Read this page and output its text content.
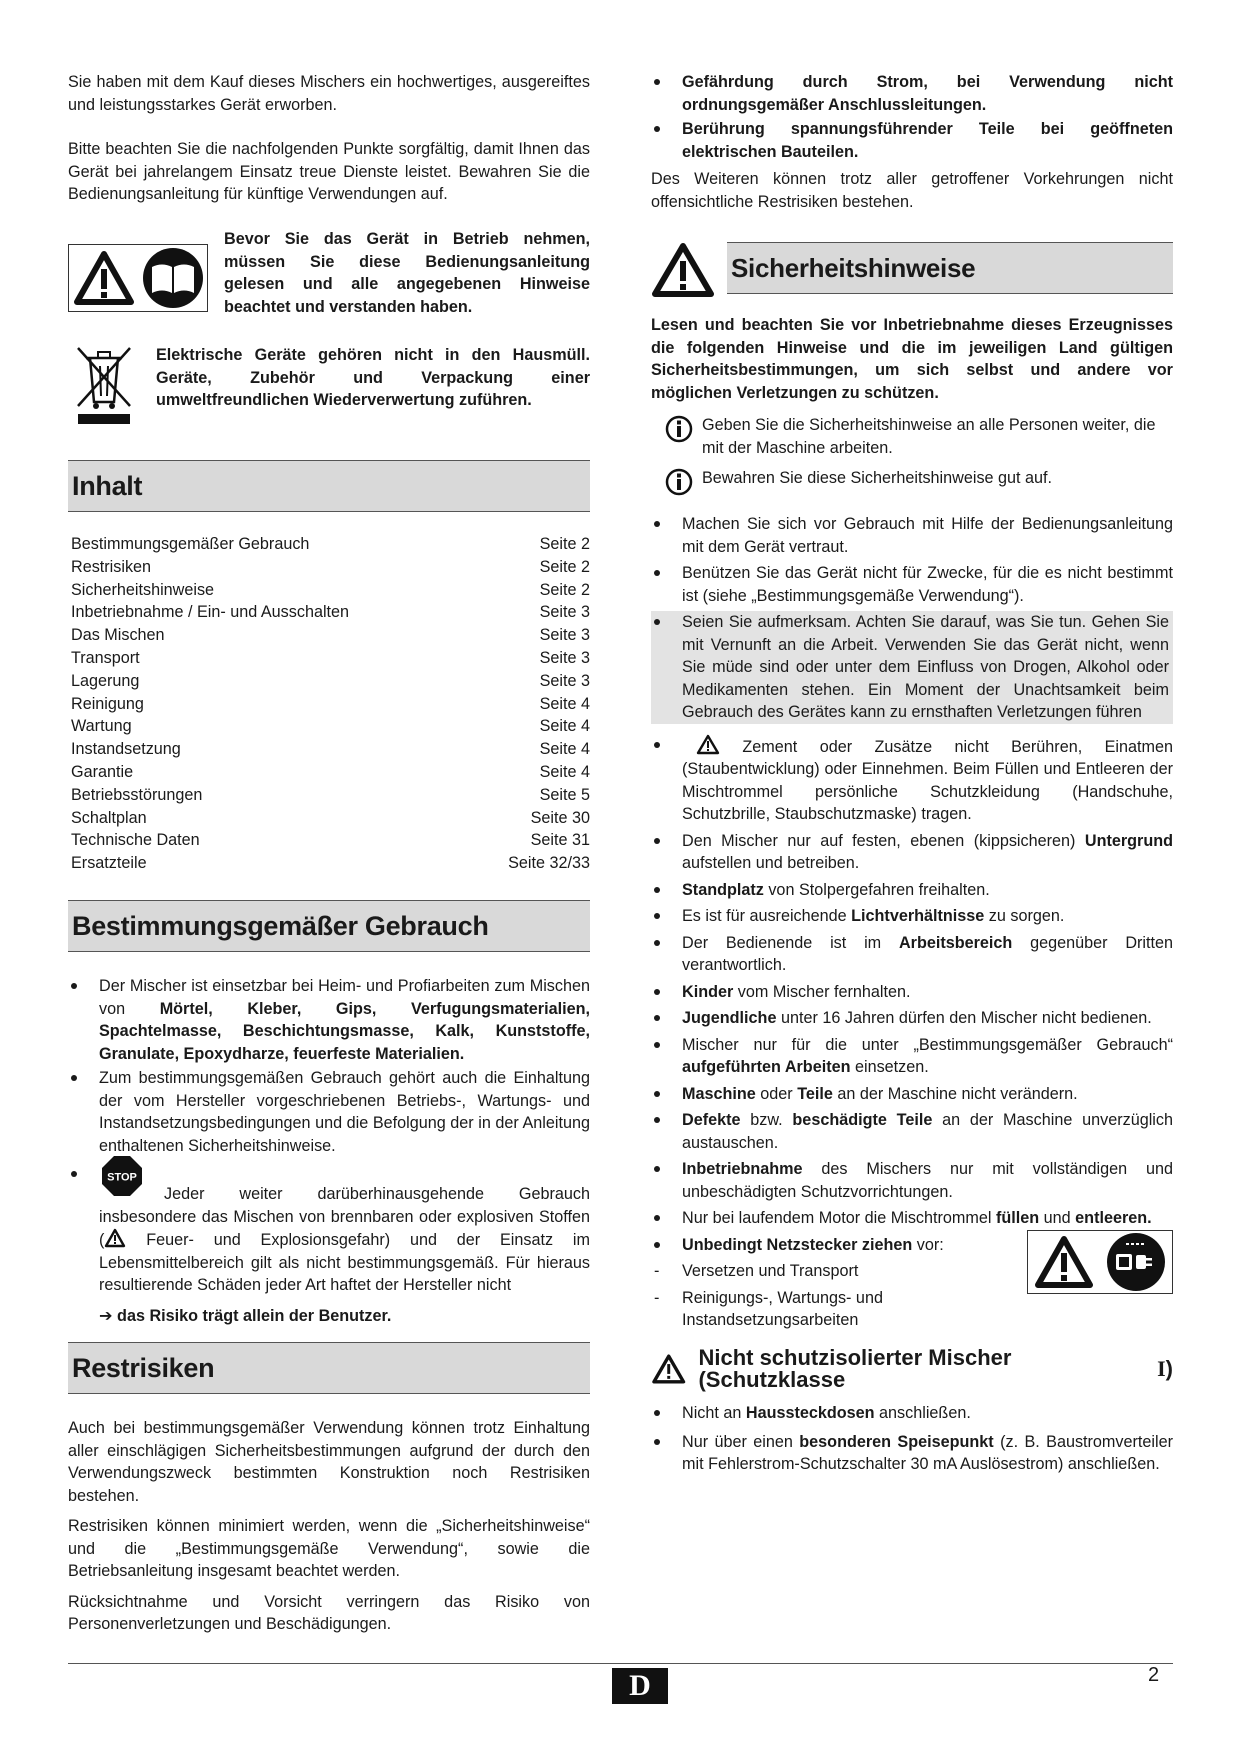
Sie haben mit dem Kauf dieses Mischers ein hochwertiges, ausgereiftes und leistungsstarkes Gerät erworben.

Bitte beachten Sie die nachfolgenden Punkte sorgfältig, damit Ihnen das Gerät bei jahrelangem Einsatz treue Dienste leistet. Bewahren Sie die Bedienungsanleitung für künftige Verwendungen auf.

Bevor Sie das Gerät in Betrieb nehmen, müssen Sie diese Bedienungsanleitung gelesen und alle angegebenen Hinweise beachtet und verstanden haben.
Elektrische Geräte gehören nicht in den Hausmüll. Geräte, Zubehör und Verpackung einer umweltfreundlichen Wiederverwertung zuführen.
Inhalt
Bestimmungsgemäßer Gebrauch	Seite 2
Restrisiken	Seite 2
Sicherheitshinweise	Seite 2
Inbetriebnahme / Ein- und Ausschalten	Seite 3
Das Mischen	Seite 3
Transport	Seite 3
Lagerung	Seite 3
Reinigung	Seite 4
Wartung	Seite 4
Instandsetzung	Seite 4
Garantie	Seite 4
Betriebsstörungen	Seite 5
Schaltplan	Seite 30
Technische Daten	Seite 31
Ersatzteile	Seite 32/33
Bestimmungsgemäßer Gebrauch
Der Mischer ist einsetzbar bei Heim- und Profiarbeiten zum Mischen von Mörtel, Kleber, Gips, Verfugungsmaterialien, Spachtelmasse, Beschichtungsmasse, Kalk, Kunststoffe, Granulate, Epoxydharze, feuerfeste Materialien.
Zum bestimmungsgemäßen Gebrauch gehört auch die Einhaltung der vom Hersteller vorgeschriebenen Betriebs-, Wartungs- und Instandsetzungsbedingungen und die Befolgung der in der Anleitung enthaltenen Sicherheitshinweise.
STOP
Jeder weiter darüberhinausgehende Gebrauch insbesondere das Mischen von brennbaren oder explosiven Stoffen ( Feuer- und Explosionsgefahr) und der Einsatz im Lebensmittelbereich gilt als nicht bestimmungsgemäß. Für hieraus resultierende Schäden jeder Art haftet der Hersteller nicht
➔ das Risiko trägt allein der Benutzer.
Restrisiken

Auch bei bestimmungsgemäßer Verwendung können trotz Einhaltung aller einschlägigen Sicherheitsbestimmungen aufgrund der durch den Verwendungszweck bestimmten Konstruktion noch Restrisiken bestehen.

Restrisiken können minimiert werden, wenn die „Sicherheitshinweise“ und die „Bestimmungsgemäße Verwendung“, sowie die Betriebsanleitung insgesamt beachtet werden.

Rücksichtnahme und Vorsicht verringern das Risiko von Personenverletzungen und Beschädigungen.

Gefährdung durch Strom, bei Verwendung nicht ordnungsgemäßer Anschlussleitungen.
Berührung spannungsführender Teile bei geöffneten elektrischen Bauteilen.
Des Weiteren können trotz aller getroffener Vorkehrungen nicht offensichtliche Restrisiken bestehen.
Sicherheitshinweise
Lesen und beachten Sie vor Inbetriebnahme dieses Erzeugnisses die folgenden Hinweise und die im jeweiligen Land gültigen Sicherheitsbestimmungen, um sich selbst und andere vor möglichen Verletzungen zu schützen.
Geben Sie die Sicherheitshinweise an alle Personen weiter, die mit der Maschine arbeiten.
Bewahren Sie diese Sicherheitshinweise gut auf.
Machen Sie sich vor Gebrauch mit Hilfe der Bedienungsanleitung mit dem Gerät vertraut.
Benützen Sie das Gerät nicht für Zwecke, für die es nicht bestimmt ist (siehe „Bestimmungsgemäße Verwendung“).
Seien Sie aufmerksam. Achten Sie darauf, was Sie tun. Gehen Sie mit Vernunft an die Arbeit. Verwenden Sie das Gerät nicht, wenn Sie müde sind oder unter dem Einfluss von Drogen, Alkohol oder Medikamenten stehen. Ein Moment der Unachtsamkeit beim Gebrauch des Gerätes kann zu ernsthaften Verletzungen führen
Zement oder Zusätze nicht Berühren, Einatmen (Staubentwicklung) oder Einnehmen. Beim Füllen und Entleeren der Mischtrommel persönliche Schutzkleidung (Handschuhe, Schutzbrille, Staubschutzmaske) tragen.
Den Mischer nur auf festen, ebenen (kippsicheren) Untergrund aufstellen und betreiben.
Standplatz von Stolpergefahren freihalten.
Es ist für ausreichende Lichtverhältnisse zu sorgen.
Der Bedienende ist im Arbeitsbereich gegenüber Dritten verantwortlich.
Kinder vom Mischer fernhalten.
Jugendliche unter 16 Jahren dürfen den Mischer nicht bedienen.
Mischer nur für die unter „Bestimmungsgemäßer Gebrauch“ aufgeführten Arbeiten einsetzen.
Maschine oder Teile an der Maschine nicht verändern.
Defekte bzw. beschädigte Teile an der Maschine unverzüglich austauschen.
Inbetriebnahme des Mischers nur mit vollständigen und unbeschädigten Schutzvorrichtungen.
Nur bei laufendem Motor die Mischtrommel füllen und entleeren.
Unbedingt Netzstecker ziehen vor:
- Versetzen und Transport
- Reinigungs-, Wartungs- und Instandsetzungsarbeiten
Nicht schutzisolierter Mischer (Schutzklasse	I )
Nicht an Haussteckdosen anschließen.
Nur über einen besonderen Speisepunkt (z. B. Baustromverteiler mit Fehlerstrom-Schutzschalter 30 mA Auslösestrom) anschließen.
D	2
